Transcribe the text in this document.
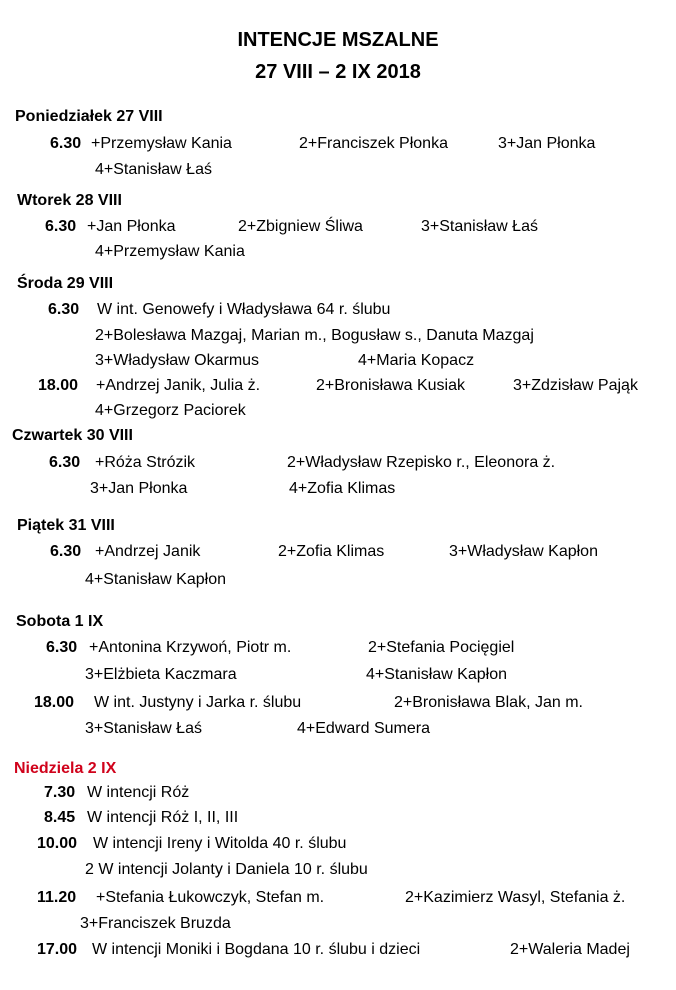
INTENCJE MSZALNE
27 VIII – 2 IX 2018
Poniedziałek 27 VIII
6.30 +Przemysław Kania	2+Franciszek Płonka	3+Jan Płonka
4+Stanisław Łaś
Wtorek 28 VIII
6.30 +Jan Płonka	2+Zbigniew Śliwa	3+Stanisław Łaś
4+Przemysław Kania
Środa 29 VIII
6.30 W int. Genowefy i Władysława 64 r. ślubu
2+Bolesława Mazgaj, Marian m., Bogusław s., Danuta Mazgaj
3+Władysław Okarmus	4+Maria Kopacz
18.00 +Andrzej Janik, Julia ż.	2+Bronisława Kusiak	3+Zdzisław Pająk
4+Grzegorz Paciorek
Czwartek 30 VIII
6.30 +Róża Strózik	2+Władysław Rzepisko r., Eleonora ż.
3+Jan Płonka	4+Zofia Klimas
Piątek 31 VIII
6.30 +Andrzej Janik	2+Zofia Klimas	3+Władysław Kapłon
4+Stanisław Kapłon
Sobota 1 IX
6.30 +Antonina Krzywoń, Piotr m.	2+Stefania Pocięgiel
3+Elżbieta Kaczmara	4+Stanisław Kapłon
18.00 W int. Justyny i Jarka r. ślubu	2+Bronisława Blak, Jan m.
3+Stanisław Łaś	4+Edward Sumera
Niedziela 2 IX
7.30 W intencji Róż
8.45 W intencji Róż I, II, III
10.00 W intencji Ireny i Witolda 40 r. ślubu
2 W intencji Jolanty i Daniela 10 r. ślubu
11.20 +Stefania Łukowczyk, Stefan m.	2+Kazimierz Wasyl, Stefania ż.
3+Franciszek Bruzda
17.00 W intencji Moniki i Bogdana 10 r. ślubu i dzieci	2+Waleria Madej
